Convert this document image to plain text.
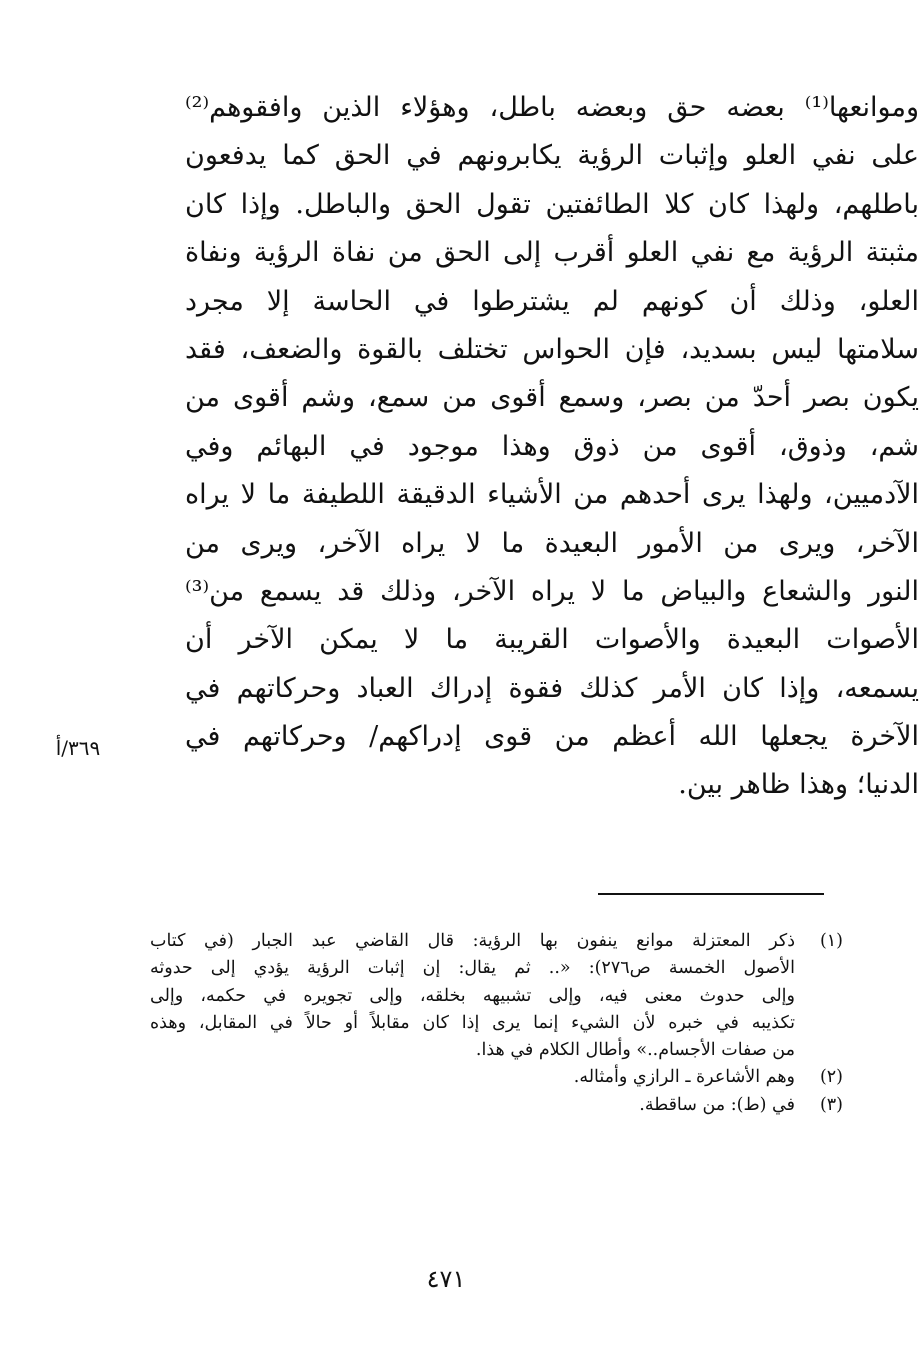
وموانعها⁽¹⁾ بعضه حق وبعضه باطل، وهؤلاء الذين وافقوهم⁽²⁾
على نفي العلو وإثبات الرؤية يكابرونهم في الحق كما يدفعون
باطلهم، ولهذا كان كلا الطائفتين تقول الحق والباطل. وإذا كان
مثبتة الرؤية مع نفي العلو أقرب إلى الحق من نفاة الرؤية ونفاة
العلو، وذلك أن كونهم لم يشترطوا في الحاسة إلا مجرد
سلامتها ليس بسديد، فإن الحواس تختلف بالقوة والضعف، فقد
يكون بصر أحدّ من بصر، وسمع أقوى من سمع، وشم أقوى من
شم، وذوق، أقوى من ذوق وهذا موجود في البهائم وفي
الآدميين، ولهذا يرى أحدهم من الأشياء الدقيقة اللطيفة ما لا يراه
الآخر، ويرى من الأمور البعيدة ما لا يراه الآخر، ويرى من
النور والشعاع والبياض ما لا يراه الآخر، وذلك قد يسمع من⁽³⁾
الأصوات البعيدة والأصوات القريبة ما لا يمكن الآخر أن
يسمعه، وإذا كان الأمر كذلك فقوة إدراك العباد وحركاتهم في
الآخرة يجعلها الله أعظم من قوى إدراكهم/ وحركاتهم في
الدنيا؛ وهذا ظاهر بين.
٣٦٩/أ
(١)
ذكر المعتزلة موانع ينفون بها الرؤية: قال القاضي عبد الجبار (في كتاب
الأصول الخمسة ص٢٧٦): «.. ثم يقال: إن إثبات الرؤية يؤدي إلى حدوثه
وإلى حدوث معنى فيه، وإلى تشبيهه بخلقه، وإلى تجويره في حكمه، وإلى
تكذيبه في خبره لأن الشيء إنما يرى إذا كان مقابلاً أو حالاً في المقابل، وهذه
من صفات الأجسام..» وأطال الكلام في هذا.
(٢)
وهم الأشاعرة ـ الرازي وأمثاله.
(٣)
في (ط): من ساقطة.
٤٧١
